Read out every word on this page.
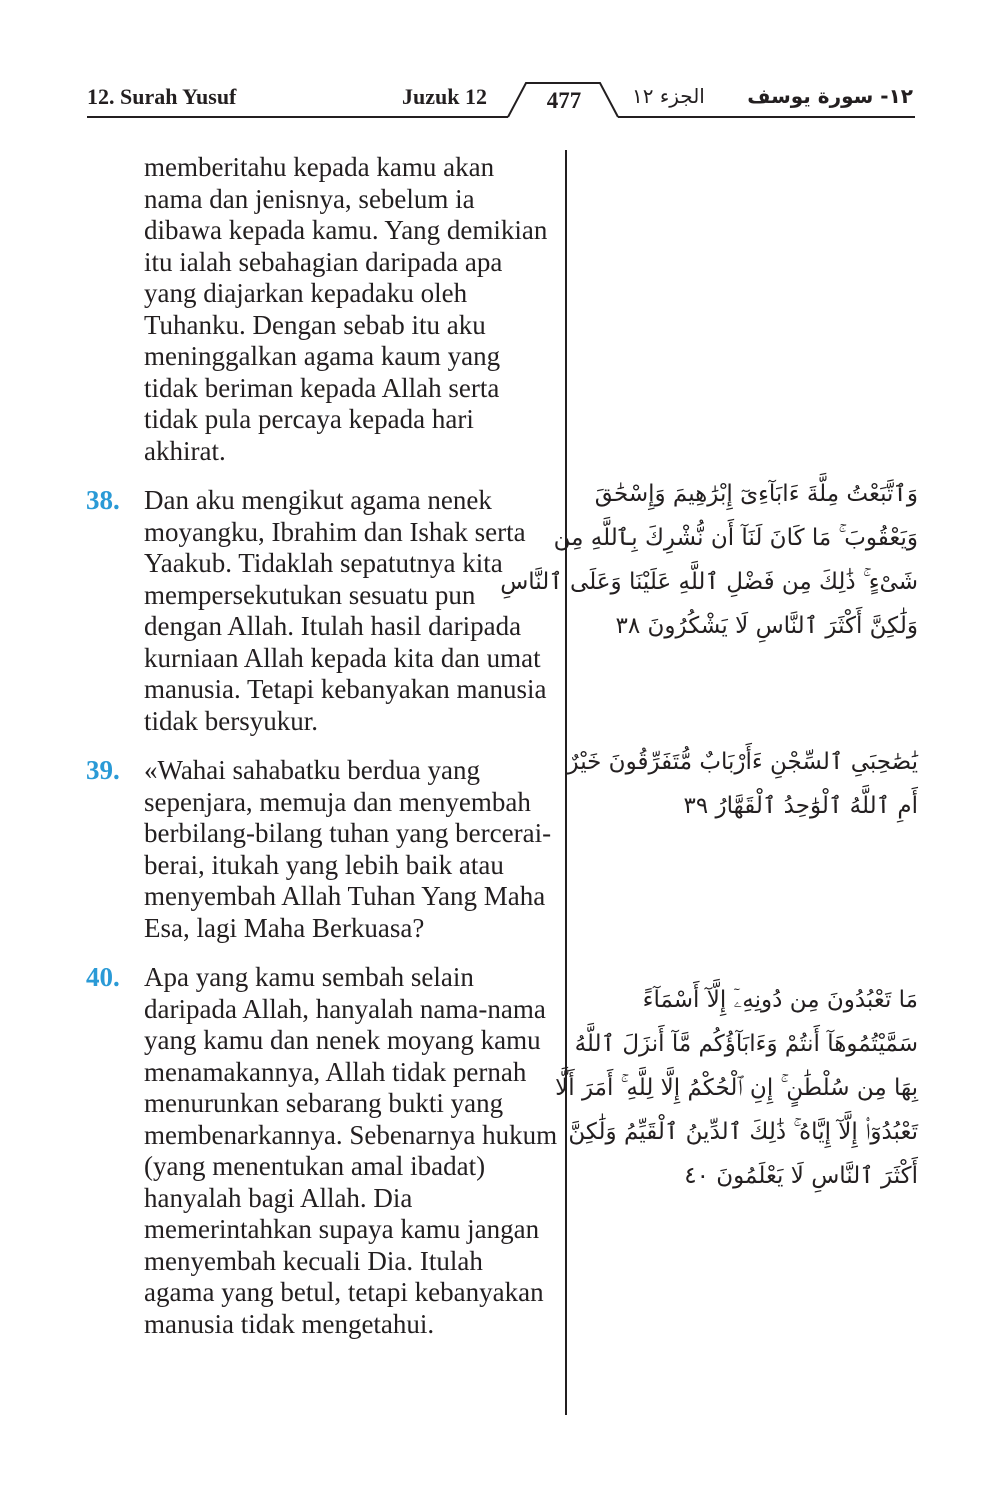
12. Surah Yusuf	Juzuk 12	477	الجزء ١٢ ١٢- سورة يوسف

memberitahu kepada kamu akan nama dan jenisnya, sebelum ia dibawa kepada kamu. Yang demikian itu ialah sebahagian daripada apa yang diajarkan kepadaku oleh Tuhanku. Dengan sebab itu aku meninggalkan agama kaum yang tidak beriman kepada Allah serta tidak pula percaya kepada hari akhirat.

38. Dan aku mengikut agama nenek moyangku, Ibrahim dan Ishak serta Yaakub. Tidaklah sepatutnya kita mempersekutukan sesuatu pun dengan Allah. Itulah hasil daripada kurniaan Allah kepada kita dan umat manusia. Tetapi kebanyakan manusia tidak bersyukur.

39. «Wahai sahabatku berdua yang sepenjara, memuja dan menyembah berbilang-bilang tuhan yang bercerai-berai, itukah yang lebih baik atau menyembah Allah Tuhan Yang Maha Esa, lagi Maha Berkuasa?

40. Apa yang kamu sembah selain daripada Allah, hanyalah nama-nama yang kamu dan nenek moyang kamu menamakannya, Allah tidak pernah menurunkan sebarang bukti yang membenarkannya. Sebenarnya hukum (yang menentukan amal ibadat) hanyalah bagi Allah. Dia memerintahkan supaya kamu jangan menyembah kecuali Dia. Itulah agama yang betul, tetapi kebanyakan manusia tidak mengetahui.

وَٱتَّبَعْتُ مِلَّةَ ءَابَآءِىٓ إِبْرَٰهِيمَ وَإِسْحَٰقَ
وَيَعْقُوبَ ۚ مَا كَانَ لَنَآ أَن نُّشْرِكَ بِٱللَّهِ مِن
شَىْءٍ ۚ ذَٰلِكَ مِن فَضْلِ ٱللَّهِ عَلَيْنَا وَعَلَى ٱلنَّاسِ
وَلَٰكِنَّ أَكْثَرَ ٱلنَّاسِ لَا يَشْكُرُونَ ٣٨
يَٰصَٰحِبَىِ ٱلسِّجْنِ ءَأَرْبَابٌ مُّتَفَرِّقُونَ خَيْرٌ
أَمِ ٱللَّهُ ٱلْوَٰحِدُ ٱلْقَهَّارُ ٣٩
مَا تَعْبُدُونَ مِن دُونِهِۦٓ إِلَّآ أَسْمَآءً
سَمَّيْتُمُوهَآ أَنتُمْ وَءَابَآؤُكُم مَّآ أَنزَلَ ٱللَّهُ
بِهَا مِن سُلْطَٰنٍ ۚ إِنِ ٱلْحُكْمُ إِلَّا لِلَّهِ ۚ أَمَرَ أَلَّا
تَعْبُدُوٓا۟ إِلَّآ إِيَّاهُ ۚ ذَٰلِكَ ٱلدِّينُ ٱلْقَيِّمُ وَلَٰكِنَّ
أَكْثَرَ ٱلنَّاسِ لَا يَعْلَمُونَ ٤٠
